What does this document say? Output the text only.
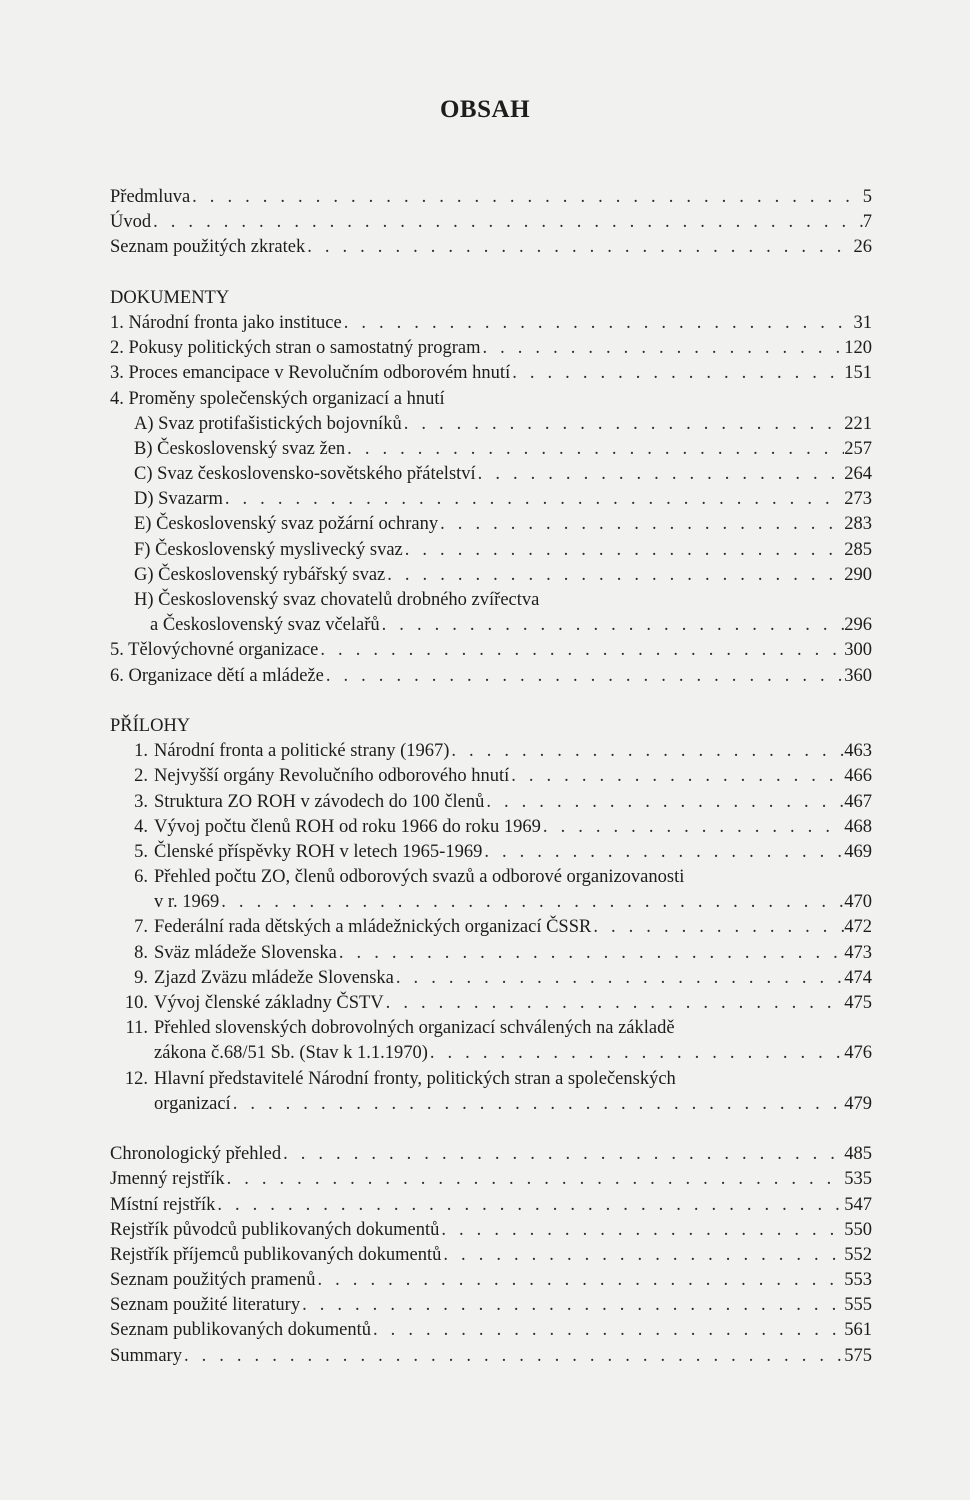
OBSAH
Předmluva . . .	5
Úvod . . .	7
Seznam použitých zkratek . . .	26
DOKUMENTY
1. Národní fronta jako instituce . . .	31
2. Pokusy politických stran o samostatný program . . .	120
3. Proces emancipace v Revolučním odborovém hnutí . . .	151
4. Proměny společenských organizací a hnutí
A) Svaz protifašistických bojovníků . . .	221
B) Československý svaz žen . . .	257
C) Svaz československo-sovětského přátelství . . .	264
D) Svazarm . . .	273
E) Československý svaz požární ochrany . . .	283
F) Československý myslivecký svaz . . .	285
G) Československý rybářský svaz . . .	290
H) Československý svaz chovatelů drobného zvířectva
a Československý svaz včelařů . . .	296
5. Tělovýchovné organizace . . .	300
6. Organizace dětí a mládeže . . .	360
PŘÍLOHY
1. Národní fronta a politické strany (1967) . . .	463
2. Nejvyšší orgány Revolučního odborového hnutí . . .	466
3. Struktura ZO ROH v závodech do 100 členů . . .	467
4. Vývoj počtu členů ROH od roku 1966 do roku 1969 . . .	468
5. Členské příspěvky ROH v letech 1965-1969 . . .	469
6. Přehled počtu ZO, členů odborových svazů a odborové organizovanosti
v r. 1969 . . .	470
7. Federální rada dětských a mládežnických organizací ČSSR . . .	472
8. Sväz mládeže Slovenska . . .	473
9. Zjazd Zväzu mládeže Slovenska . . .	474
10. Vývoj členské základny ČSTV . . .	475
11. Přehled slovenských dobrovolných organizací schválených na základě
zákona č.68/51 Sb. (Stav k 1.1.1970) . . .	476
12. Hlavní představitelé Národní fronty, politických stran a společenských
organizací . . .	479
Chronologický přehled . . .	485
Jmenný rejstřík . . .	535
Místní rejstřík . . .	547
Rejstřík původců publikovaných dokumentů . . .	550
Rejstřík příjemců publikovaných dokumentů . . .	552
Seznam použitých pramenů . . .	553
Seznam použité literatury . . .	555
Seznam publikovaných dokumentů . . .	561
Summary . . .	575
